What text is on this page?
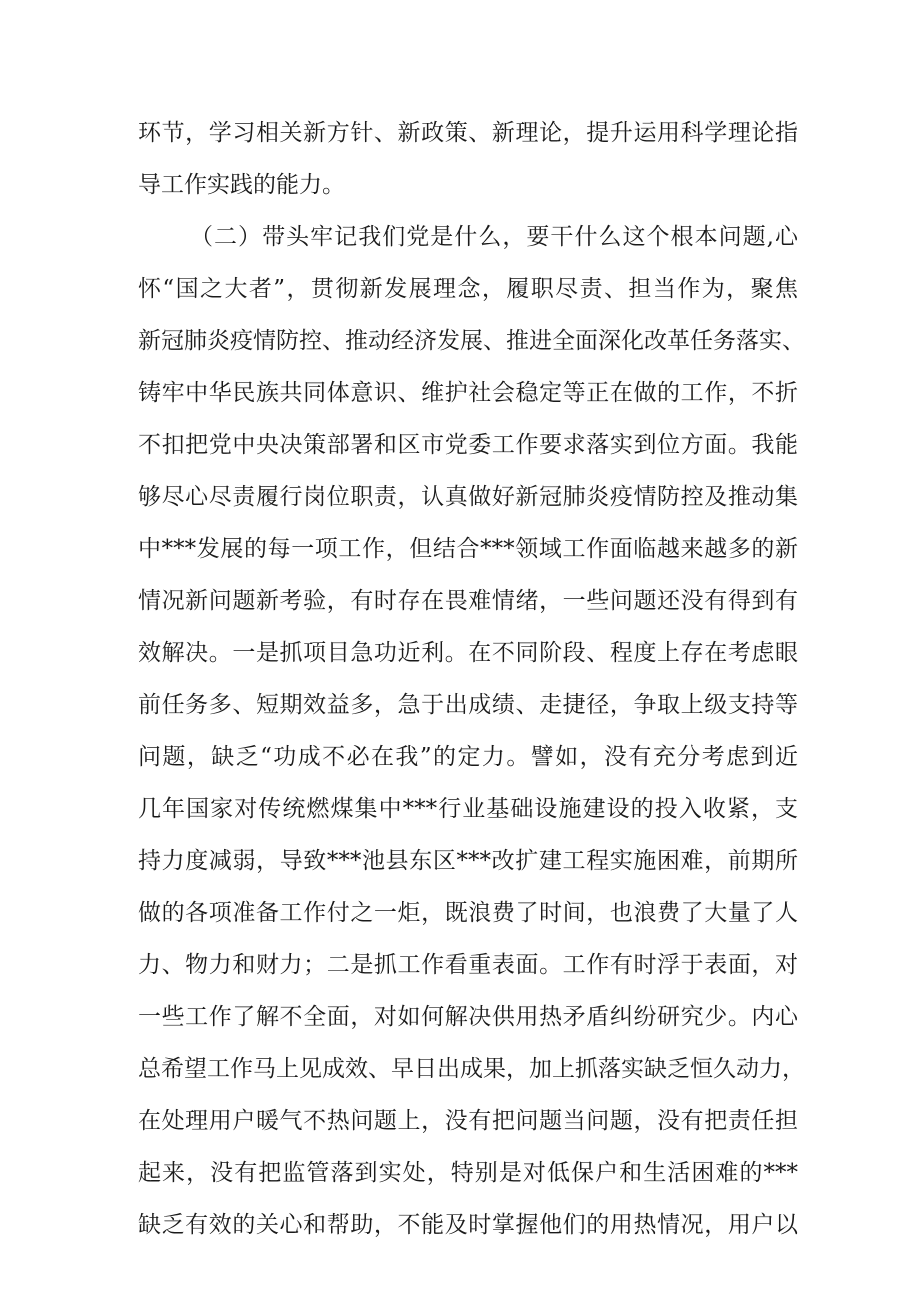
环节，学习相关新方针、新政策、新理论，提升运用科学理论指
导工作实践的能力。
（二）带头牢记我们党是什么，要干什么这个根本问题,心
怀“国之大者”，贯彻新发展理念，履职尽责、担当作为，聚焦
新冠肺炎疫情防控、推动经济发展、推进全面深化改革任务落实、
铸牢中华民族共同体意识、维护社会稳定等正在做的工作，不折
不扣把党中央决策部署和区市党委工作要求落实到位方面。我能
够尽心尽责履行岗位职责，认真做好新冠肺炎疫情防控及推动集
中***发展的每一项工作，但结合***领域工作面临越来越多的新
情况新问题新考验，有时存在畏难情绪，一些问题还没有得到有
效解决。一是抓项目急功近利。在不同阶段、程度上存在考虑眼
前任务多、短期效益多，急于出成绩、走捷径，争取上级支持等
问题，缺乏“功成不必在我”的定力。譬如，没有充分考虑到近
几年国家对传统燃煤集中***行业基础设施建设的投入收紧，支
持力度减弱，导致***池县东区***改扩建工程实施困难，前期所
做的各项准备工作付之一炬，既浪费了时间，也浪费了大量了人
力、物力和财力；二是抓工作看重表面。工作有时浮于表面，对
一些工作了解不全面，对如何解决供用热矛盾纠纷研究少。内心
总希望工作马上见成效、早日出成果，加上抓落实缺乏恒久动力，
在处理用户暖气不热问题上，没有把问题当问题，没有把责任担
起来，没有把监管落到实处，特别是对低保户和生活困难的***
缺乏有效的关心和帮助，不能及时掌握他们的用热情况，用户以
